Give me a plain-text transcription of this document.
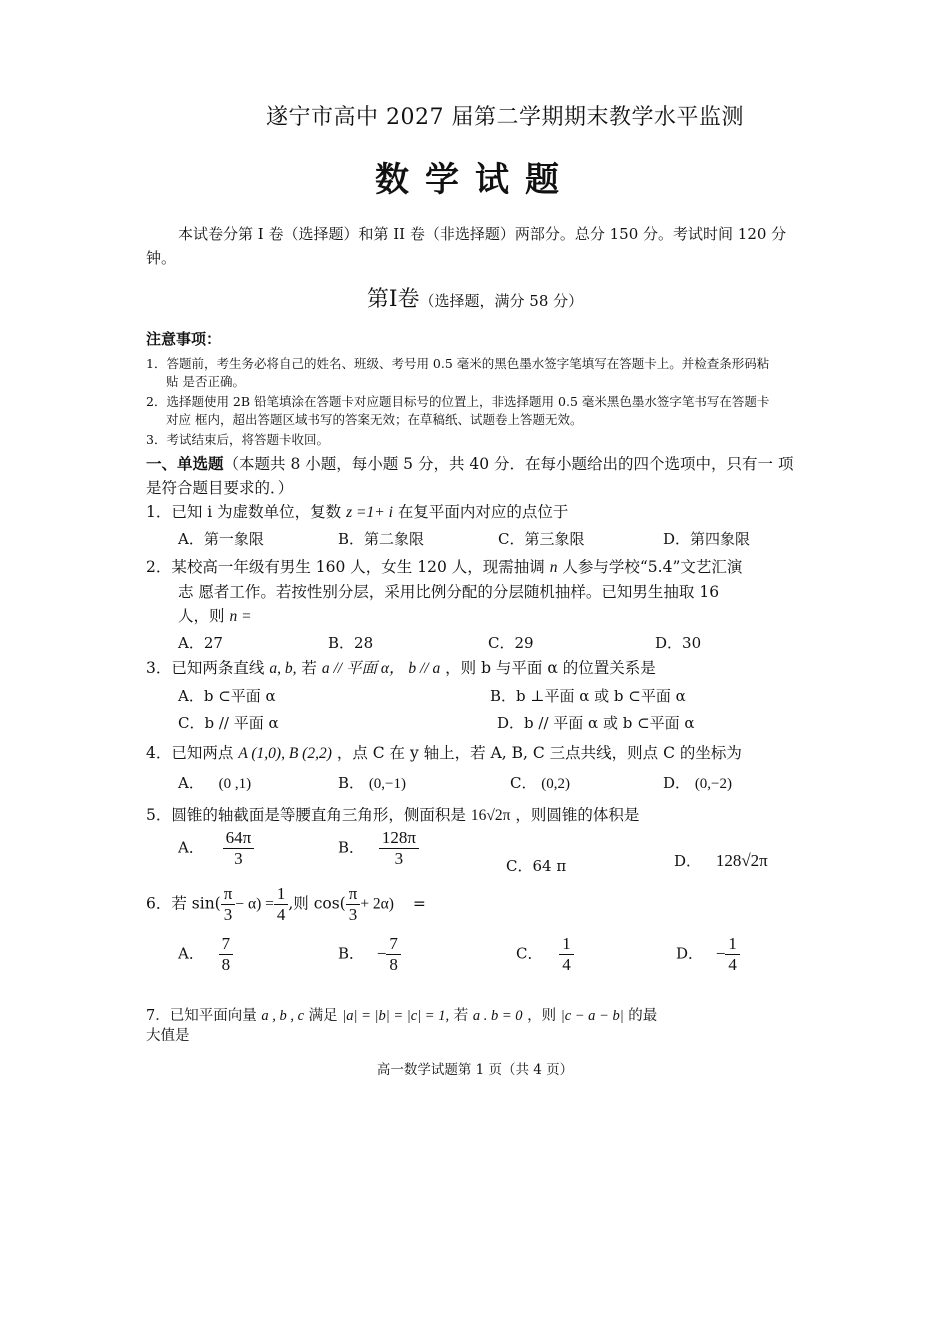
遂宁市高中 2027 届第二学期期末教学水平监测
数学试题
本试卷分第 I 卷（选择题）和第 II 卷（非选择题）两部分。总分 150 分。考试时间 120 分钟。
第Ⅰ卷（选择题，满分 58 分）
注意事项：
1．答题前，考生务必将自己的姓名、班级、考号用 0.5 毫米的黑色墨水签字笔填写在答题卡上。并检查条形码粘
贴 是否正确。
2．选择题使用 2B 铅笔填涂在答题卡对应题目标号的位置上，非选择题用 0.5 毫米黑色墨水签字笔书写在答题卡
对应 框内，超出答题区域书写的答案无效；在草稿纸、试题卷上答题无效。
3．考试结束后，将答题卡收回。
一、单选题（本题共 8 小题，每小题 5 分，共 40 分．在每小题给出的四个选项中，只有一 项是符合题目要求的．）
1．已知 i 为虚数单位，复数 z =1+ i 在复平面内对应的点位于
A．第一象限	B．第二象限	C．第三象限	D．第四象限
2．某校高一年级有男生 160 人，女生 120 人，现需抽调 n 人参与学校“5.4”文艺汇演
志 愿者工作。若按性别分层，采用比例分配的分层随机抽样。已知男生抽取 16
人，则 n =
A．27	B．28	C．29	D．30
3．已知两条直线 a, b, 若 a // 平面 α， b // a ，则 b 与平面 α 的位置关系是
A．b ⊂平面 α	B．b ⊥平面 α 或 b ⊂平面 α
C．b // 平面 α	D．b // 平面 α 或 b ⊂平面 α
4．已知两点 A (1,0), B (2,2) ，点 C 在 y 轴上，若 A, B, C 三点共线，则点 C 的坐标为
A． (0 ,1)	B． (0,−1)	C． (0,2)	D． (0,−2)
5．圆锥的轴截面是等腰直角三角形，侧面积是 16√2π ，则圆锥的体积是
A． $\frac{64\pi}{3}$	B． $\frac{128\pi}{3}$	C．64 π	D． 128√2π
6．若 $\sin( \frac{\pi}{3} - \alpha) = \frac{1}{4}$ ,则 $\cos( \frac{\pi}{3} + 2\alpha)$ =
A． $\frac{7}{8}$	B． − $\frac{7}{8}$	C． $\frac{1}{4}$	D． − $\frac{1}{4}$
7．已知平面向量 a , b , c 满足 |a| = |b| = |c| = 1, 若 a . b = 0 ，则 |c − a − b| 的最
大值是
高一数学试题第 1 页（共 4 页）
